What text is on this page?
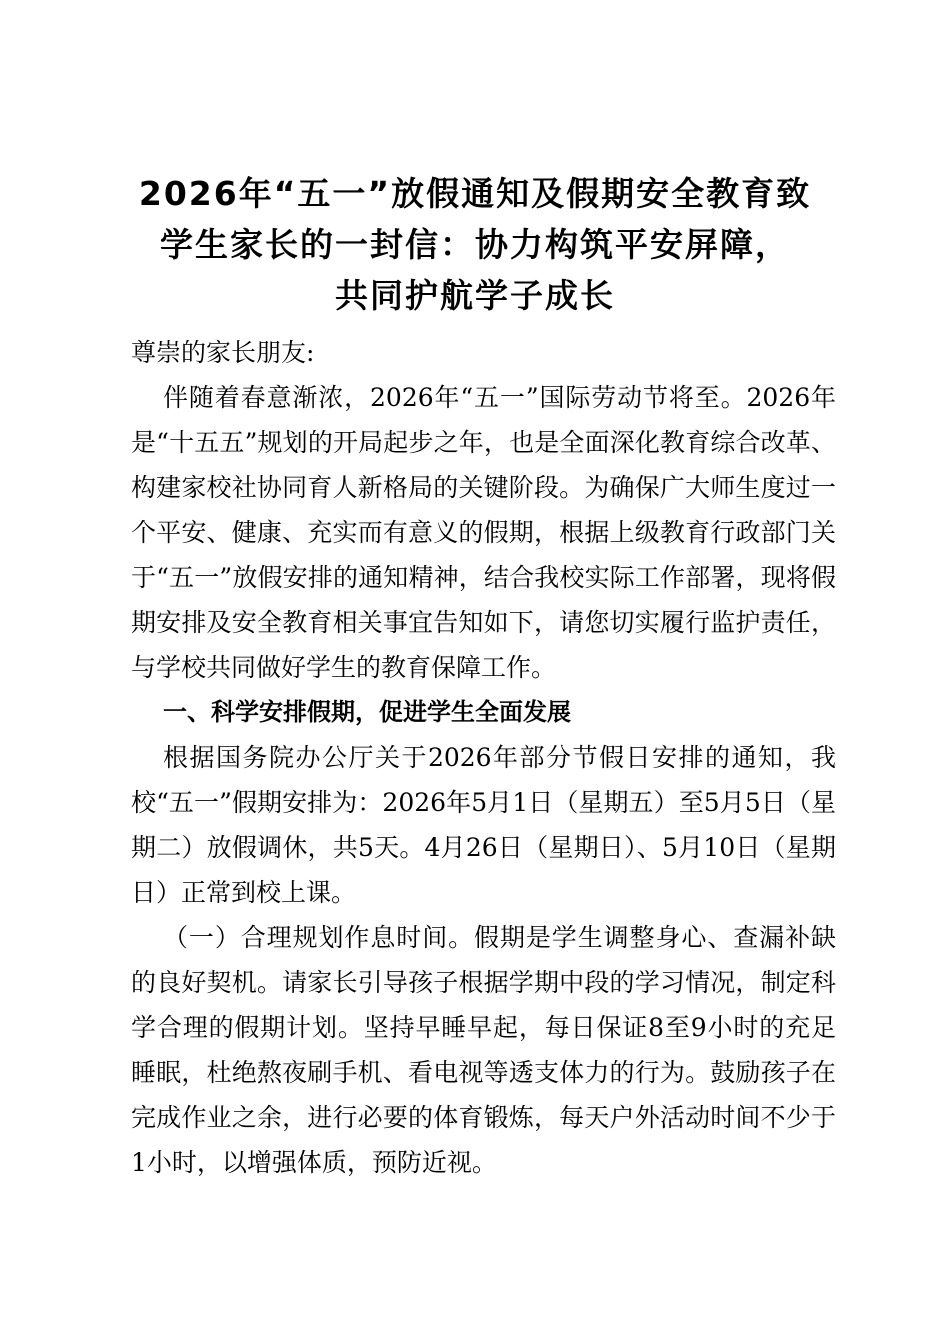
2026年“五一”放假通知及假期安全教育致
学生家长的一封信：协力构筑平安屏障，
共同护航学子成长

尊崇的家长朋友:

伴随着春意渐浓，2026年“五一”国际劳动节将至。2026年是“十五五”规划的开局起步之年，也是全面深化教育综合改革、构建家校社协同育人新格局的关键阶段。为确保广大师生度过一个平安、健康、充实而有意义的假期，根据上级教育行政部门关于“五一”放假安排的通知精神，结合我校实际工作部署，现将假期安排及安全教育相关事宜告知如下，请您切实履行监护责任，与学校共同做好学生的教育保障工作。

一、科学安排假期，促进学生全面发展

根据国务院办公厅关于2026年部分节假日安排的通知，我校“五一”假期安排为：2026年5月1日（星期五）至5月5日（星期二）放假调休，共5天。4月26日（星期日）、5月10日（星期日）正常到校上课。

（一）合理规划作息时间。假期是学生调整身心、查漏补缺的良好契机。请家长引导孩子根据学期中段的学习情况，制定科学合理的假期计划。坚持早睡早起，每日保证8至9小时的充足睡眠，杜绝熬夜刷手机、看电视等透支体力的行为。鼓励孩子在完成作业之余，进行必要的体育锻炼，每天户外活动时间不少于1小时，以增强体质，预防近视。
